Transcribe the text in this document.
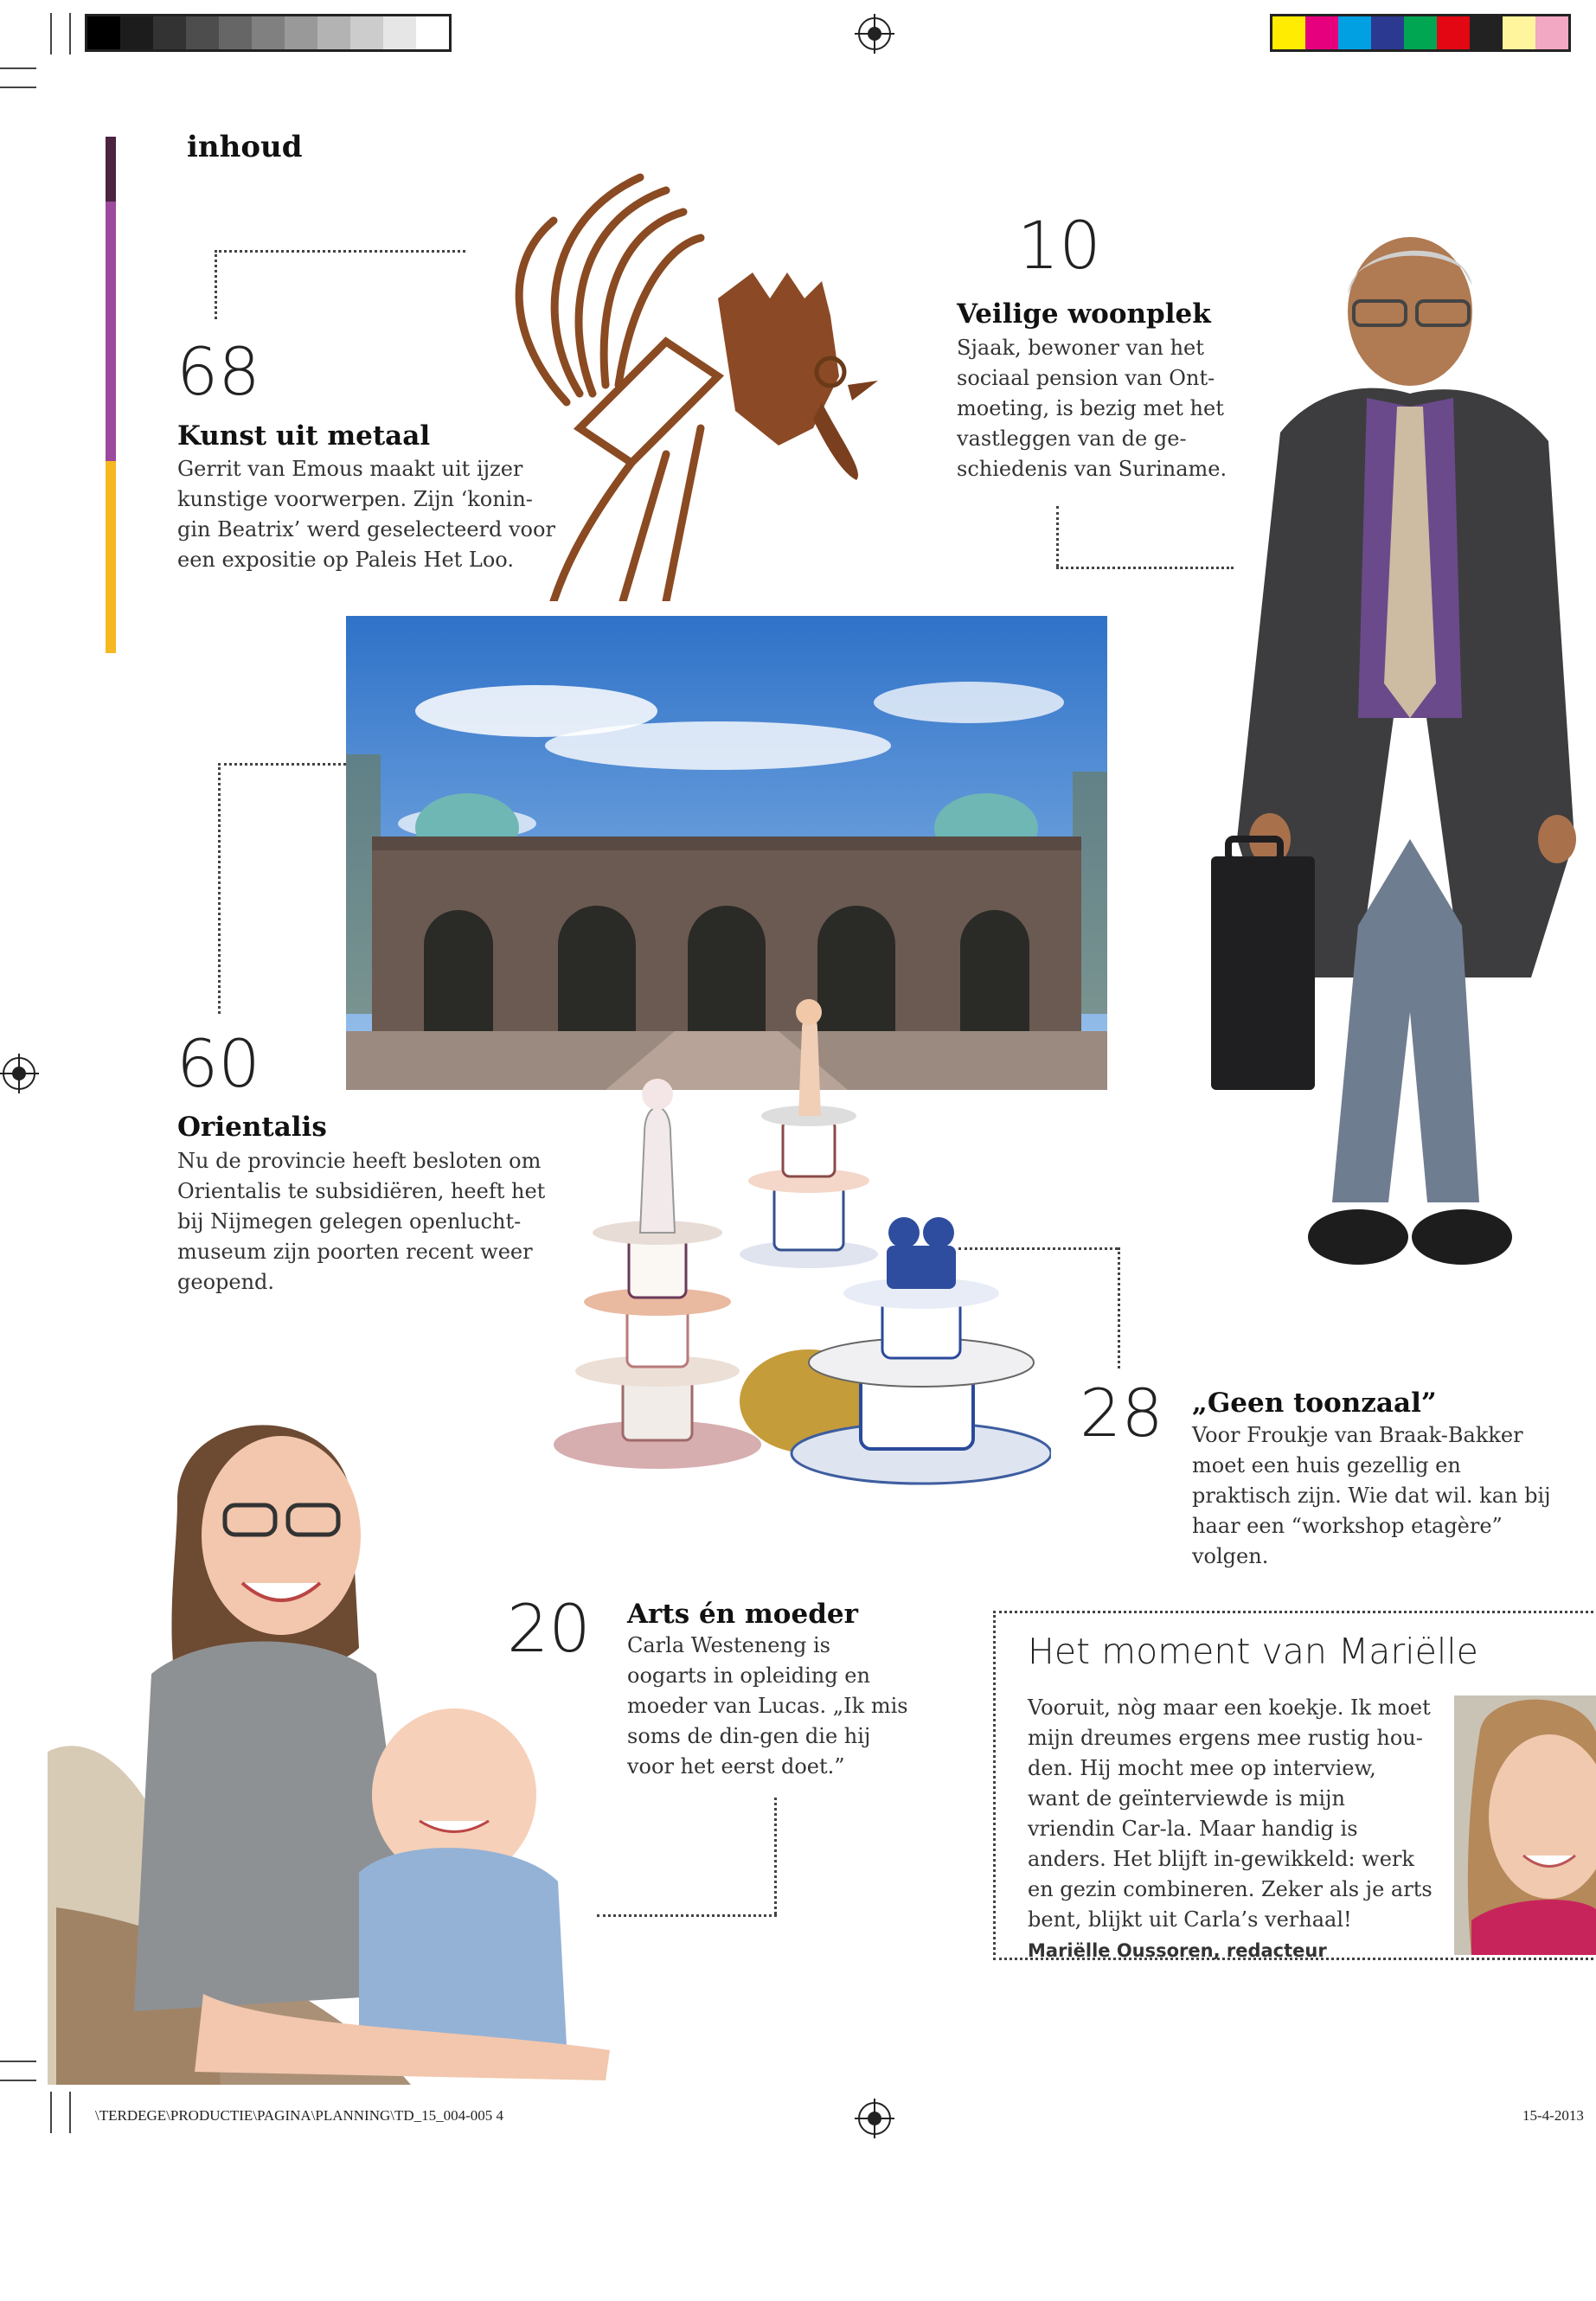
inhoud
68
Kunst uit metaal
Gerrit van Emous maakt uit ijzer kunstige voorwerpen. Zijn ‘konin-gin Beatrix’ werd geselecteerd voor een expositie op Paleis Het Loo.
10
Veilige woonplek
Sjaak, bewoner van het sociaal pension van Ont-moeting, is bezig met het vastleggen van de ge-schiedenis van Suriname.
60
Orientalis
Nu de provincie heeft besloten om Orientalis te subsidiëren, heeft het bij Nijmegen gelegen openlucht-museum zijn poorten recent weer geopend.
28 „Geen toonzaal”
Voor Froukje van Braak-Bakker moet een huis gezellig en praktisch zijn. Wie dat wil. kan bij haar een “workshop etagère” volgen.
20 Arts én moeder
Carla Westeneng is oogarts in opleiding en moeder van Lucas. „Ik mis soms de din-gen die hij voor het eerst doet.”
Het moment van Mariëlle
Vooruit, nòg maar een koekje. Ik moet mijn dreumes ergens mee rustig hou-den. Hij mocht mee op interview, want de geïnterviewde is mijn vriendin Car-la. Maar handig is anders. Het blijft in-gewikkeld: werk en gezin combineren. Zeker als je arts bent, blijkt uit Carla’s verhaal! Mariëlle Oussoren, redacteur
\TERDEGE\PRODUCTIE\PAGINA\PLANNING\TD_15_004-005 4	15-4-2013
